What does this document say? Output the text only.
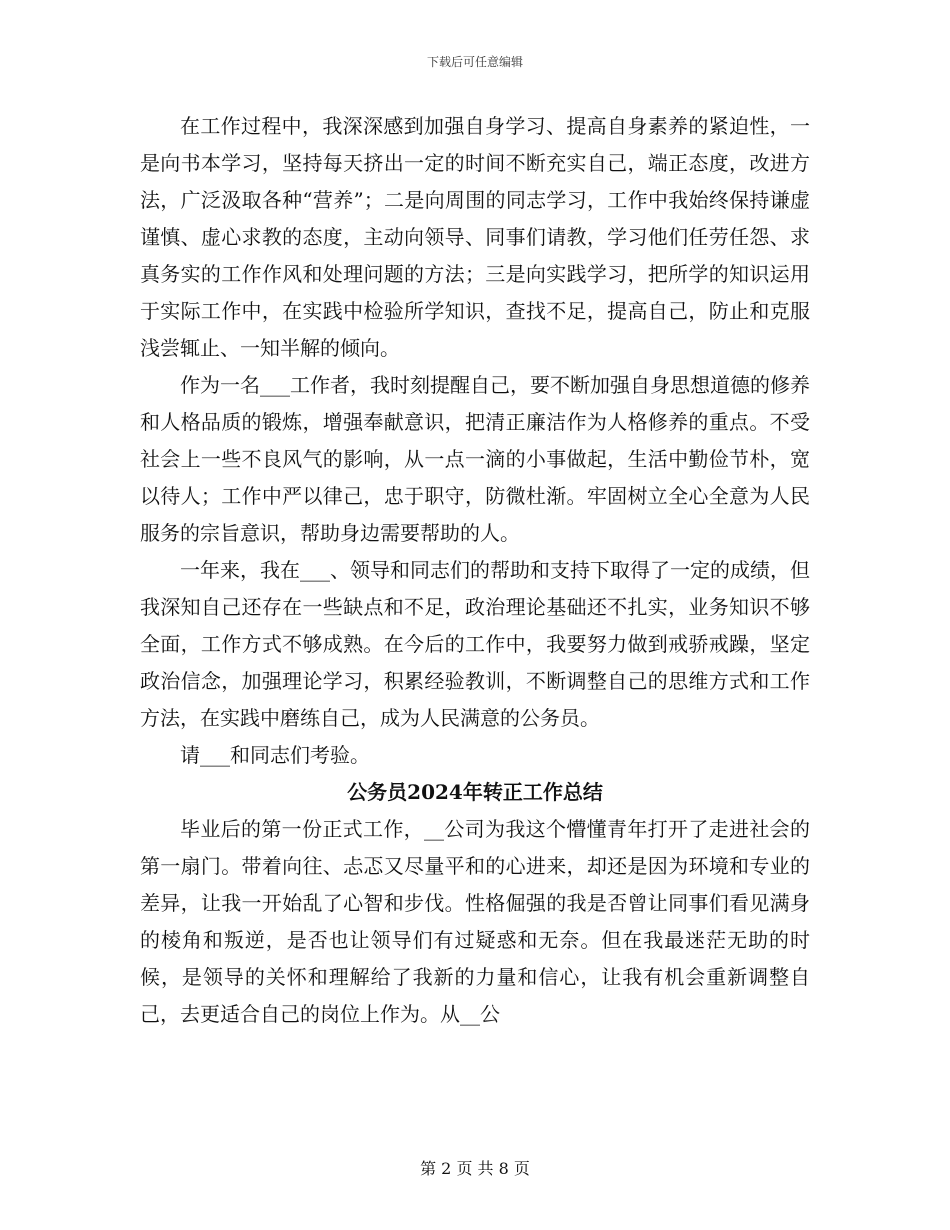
下载后可任意编辑

在工作过程中，我深深感到加强自身学习、提高自身素养的紧迫性，一是向书本学习，坚持每天挤出一定的时间不断充实自己，端正态度，改进方法，广泛汲取各种“营养”；二是向周围的同志学习，工作中我始终保持谦虚谨慎、虚心求教的态度，主动向领导、同事们请教，学习他们任劳任怨、求真务实的工作作风和处理问题的方法；三是向实践学习，把所学的知识运用于实际工作中，在实践中检验所学知识，查找不足，提高自己，防止和克服浅尝辄止、一知半解的倾向。

作为一名___工作者，我时刻提醒自己，要不断加强自身思想道德的修养和人格品质的锻炼，增强奉献意识，把清正廉洁作为人格修养的重点。不受社会上一些不良风气的影响，从一点一滴的小事做起，生活中勤俭节朴，宽以待人；工作中严以律己，忠于职守，防微杜渐。牢固树立全心全意为人民服务的宗旨意识，帮助身边需要帮助的人。

一年来，我在___、领导和同志们的帮助和支持下取得了一定的成绩，但我深知自己还存在一些缺点和不足，政治理论基础还不扎实，业务知识不够全面，工作方式不够成熟。在今后的工作中，我要努力做到戒骄戒躁，坚定政治信念，加强理论学习，积累经验教训，不断调整自己的思维方式和工作方法，在实践中磨练自己，成为人民满意的公务员。

请___和同志们考验。

公务员2024年转正工作总结

毕业后的第一份正式工作，__公司为我这个懵懂青年打开了走进社会的第一扇门。带着向往、忐忑又尽量平和的心进来，却还是因为环境和专业的差异，让我一开始乱了心智和步伐。性格倔强的我是否曾让同事们看见满身的棱角和叛逆，是否也让领导们有过疑惑和无奈。但在我最迷茫无助的时候，是领导的关怀和理解给了我新的力量和信心，让我有机会重新调整自己，去更适合自己的岗位上作为。从__公

第 2 页 共 8 页
